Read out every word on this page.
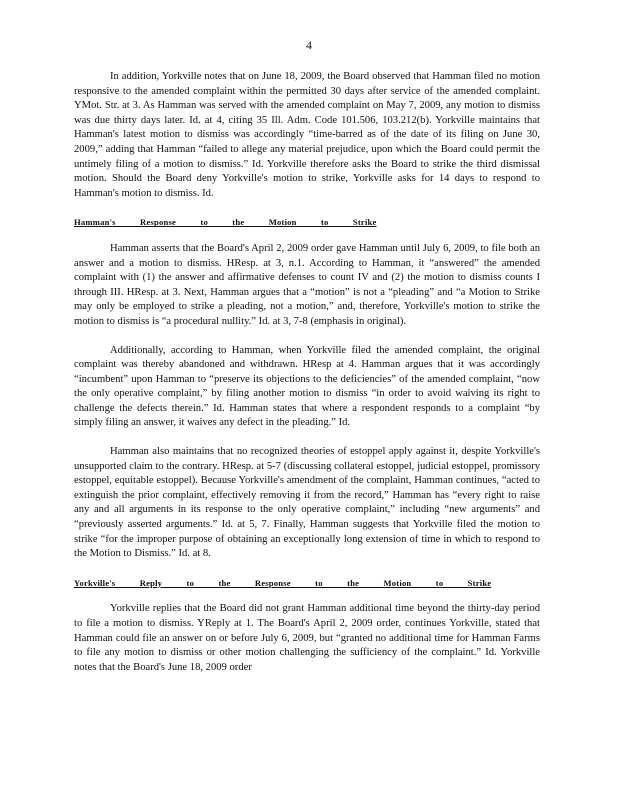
4

In addition, Yorkville notes that on June 18, 2009, the Board observed that Hamman filed no motion responsive to the amended complaint within the permitted 30 days after service of the amended complaint. YMot. Str. at 3. As Hamman was served with the amended complaint on May 7, 2009, any motion to dismiss was due thirty days later. Id. at 4, citing 35 Ill. Adm. Code 101.506, 103.212(b). Yorkville maintains that Hamman's latest motion to dismiss was accordingly “time-barred as of the date of its filing on June 30, 2009,” adding that Hamman “failed to allege any material prejudice, upon which the Board could permit the untimely filing of a motion to dismiss.” Id. Yorkville therefore asks the Board to strike the third dismissal motion. Should the Board deny Yorkville's motion to strike, Yorkville asks for 14 days to respond to Hamman's motion to dismiss. Id.

Hamman's Response to the Motion to Strike

Hamman asserts that the Board's April 2, 2009 order gave Hamman until July 6, 2009, to file both an answer and a motion to dismiss. HResp. at 3, n.1. According to Hamman, it “answered” the amended complaint with (1) the answer and affirmative defenses to count IV and (2) the motion to dismiss counts I through III. HResp. at 3. Next, Hamman argues that a “motion” is not a “pleading” and “a Motion to Strike may only be employed to strike a pleading, not a motion,” and, therefore, Yorkville's motion to strike the motion to dismiss is “a procedural nullity.” Id. at 3, 7-8 (emphasis in original).

Additionally, according to Hamman, when Yorkville filed the amended complaint, the original complaint was thereby abandoned and withdrawn. HResp at 4. Hamman argues that it was accordingly “incumbent” upon Hamman to “preserve its objections to the deficiencies” of the amended complaint, “now the only operative complaint,” by filing another motion to dismiss “in order to avoid waiving its right to challenge the defects therein.” Id. Hamman states that where a respondent responds to a complaint “by simply filing an answer, it waives any defect in the pleading.” Id.

Hamman also maintains that no recognized theories of estoppel apply against it, despite Yorkville's unsupported claim to the contrary. HResp. at 5-7 (discussing collateral estoppel, judicial estoppel, promissory estoppel, equitable estoppel). Because Yorkville's amendment of the complaint, Hamman continues, “acted to extinguish the prior complaint, effectively removing it from the record,” Hamman has “every right to raise any and all arguments in its response to the only operative complaint,” including “new arguments” and “previously asserted arguments.” Id. at 5, 7. Finally, Hamman suggests that Yorkville filed the motion to strike “for the improper purpose of obtaining an exceptionally long extension of time in which to respond to the Motion to Dismiss.” Id. at 8.

Yorkville's Reply to the Response to the Motion to Strike

Yorkville replies that the Board did not grant Hamman additional time beyond the thirty-day period to file a motion to dismiss. YReply at 1. The Board's April 2, 2009 order, continues Yorkville, stated that Hamman could file an answer on or before July 6, 2009, but “granted no additional time for Hamman Farms to file any motion to dismiss or other motion challenging the sufficiency of the complaint.” Id. Yorkville notes that the Board's June 18, 2009 order
